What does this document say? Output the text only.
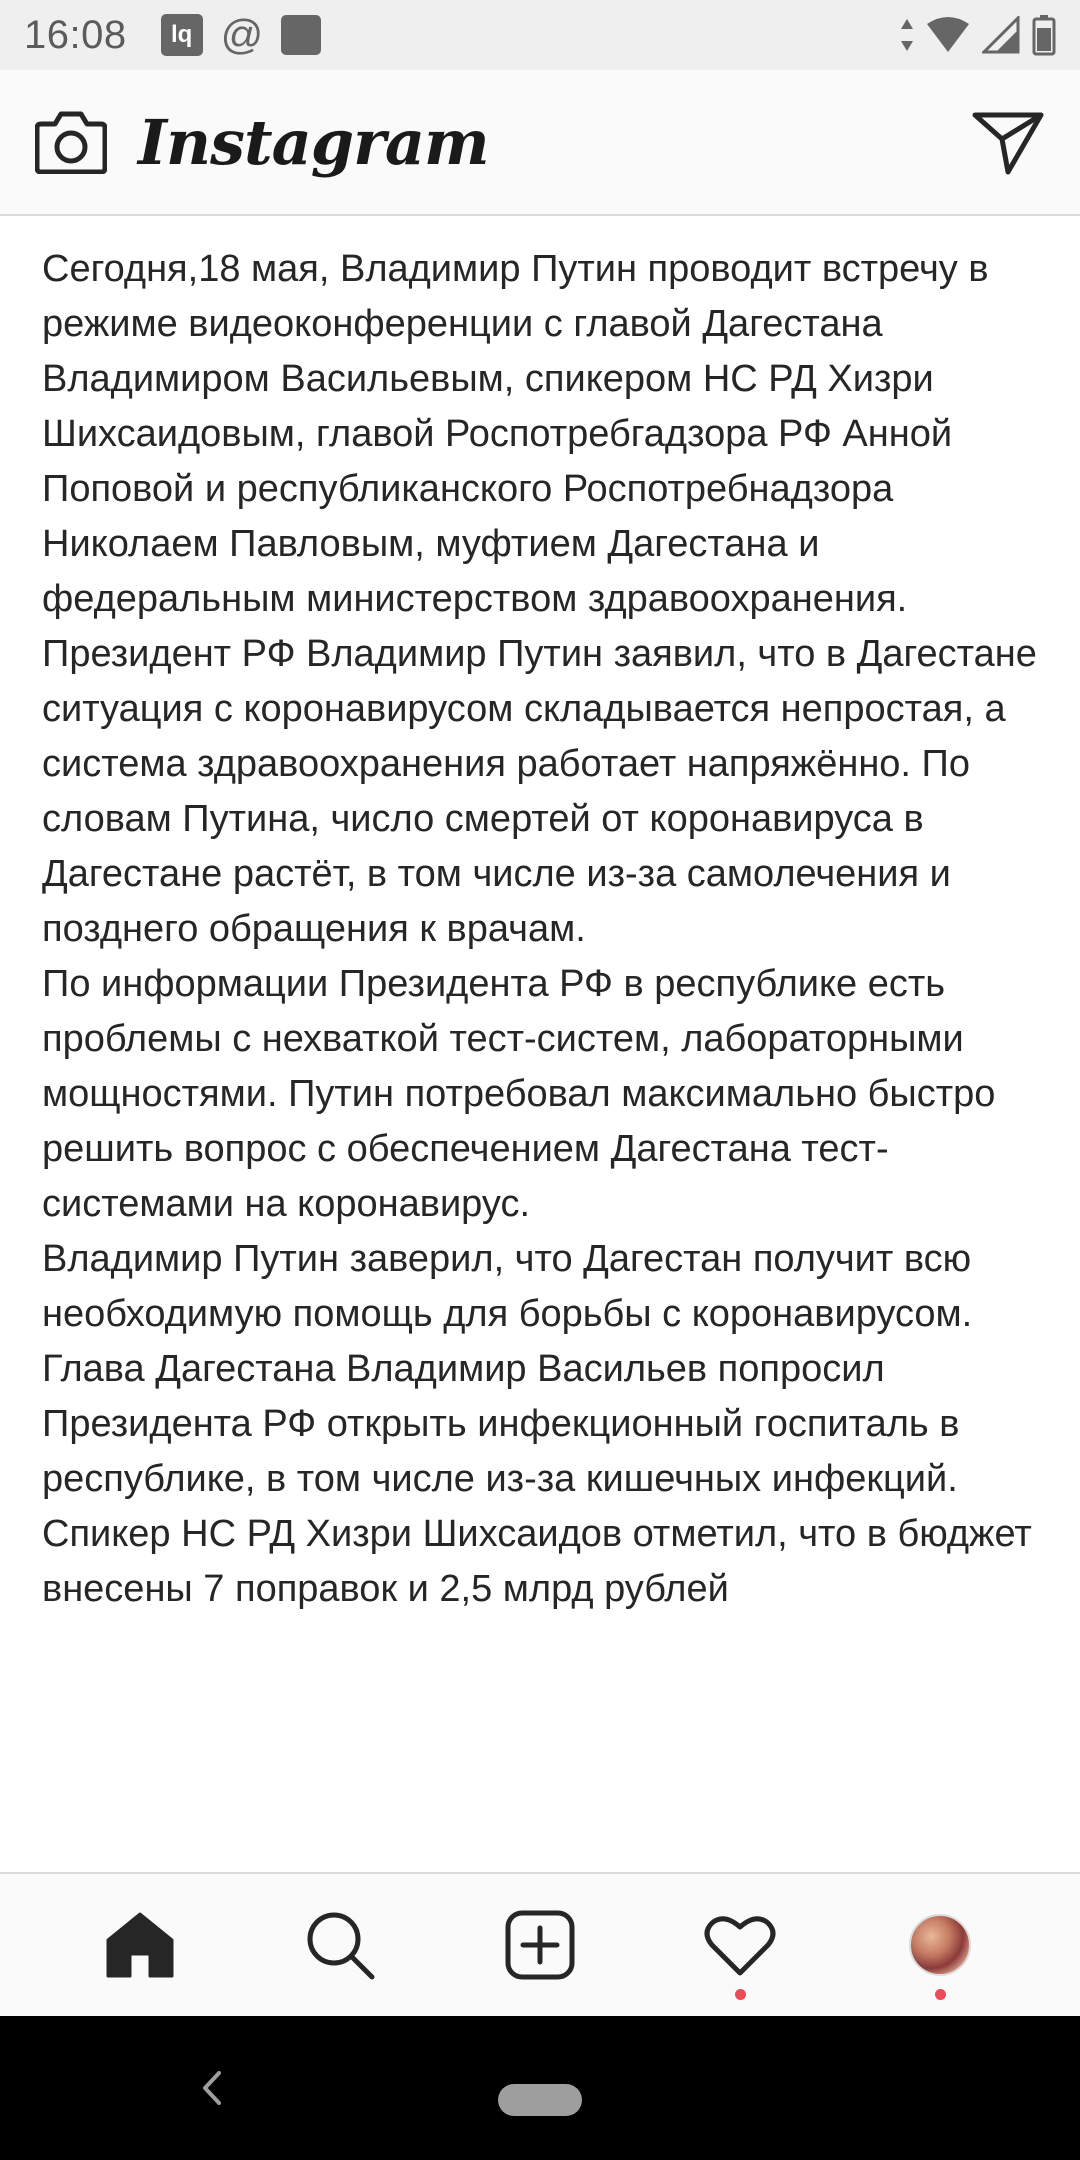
16:08	lq @
Instagram

Сегодня,18 мая, Владимир Путин проводит встречу в режиме видеоконференции с главой Дагестана Владимиром Васильевым, спикером НС РД Хизри Шихсаидовым, главой Роспотребгадзора РФ Анной Поповой и республиканского Роспотребнадзора Николаем Павловым, муфтием Дагестана и федеральным министерством здравоохранения.

Президент РФ Владимир Путин заявил, что в Дагестане ситуация с коронавирусом складывается непростая, а система здравоохранения работает напряжённо. По словам Путина, число смертей от коронавируса в Дагестане растёт, в том числе из-за самолечения и позднего обращения к врачам.

По информации Президента РФ в республике есть проблемы с нехваткой тест-систем, лабораторными мощностями. Путин потребовал максимально быстро решить вопрос с обеспечением Дагестана тест-системами на коронавирус.

Владимир Путин заверил, что Дагестан получит всю необходимую помощь для борьбы с коронавирусом.

Глава Дагестана Владимир Васильев попросил Президента РФ открыть инфекционный госпиталь в республике, в том числе из-за кишечных инфекций.

Спикер НС РД Хизри Шихсаидов отметил, что в бюджет внесены 7 поправок и 2,5 млрд рублей
